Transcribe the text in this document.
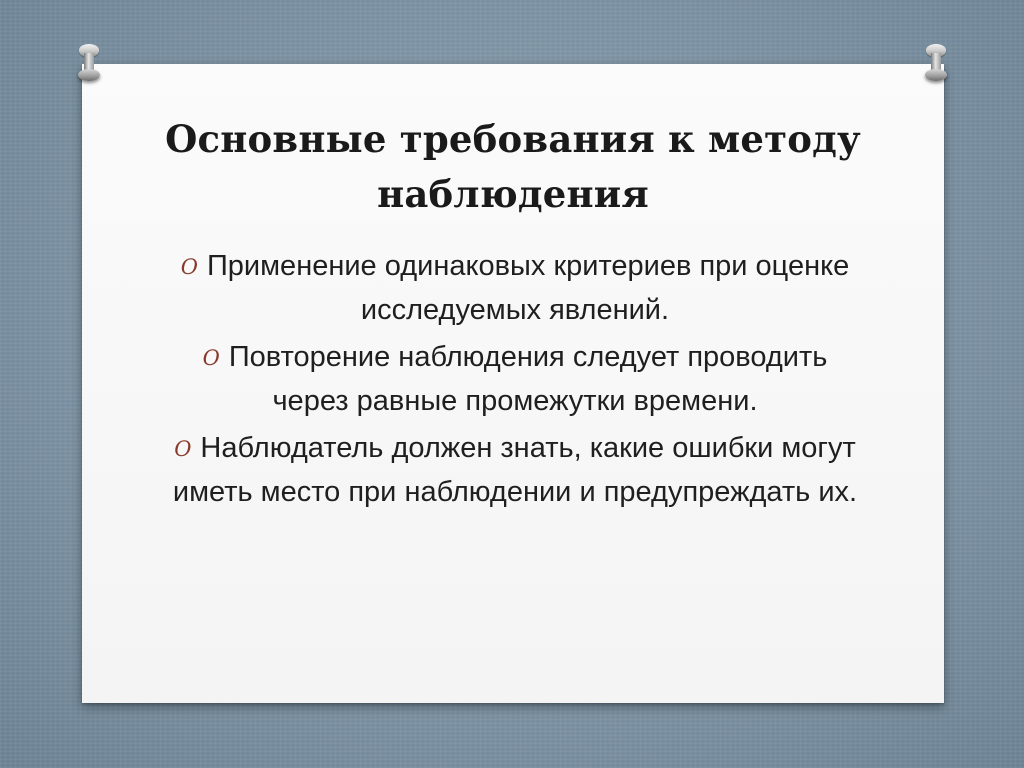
Основные требования к методу наблюдения
O Применение одинаковых критериев при оценке исследуемых явлений.
O Повторение наблюдения следует проводить через равные промежутки времени.
O Наблюдатель должен знать, какие ошибки могут иметь место при наблюдении и предупреждать их.
